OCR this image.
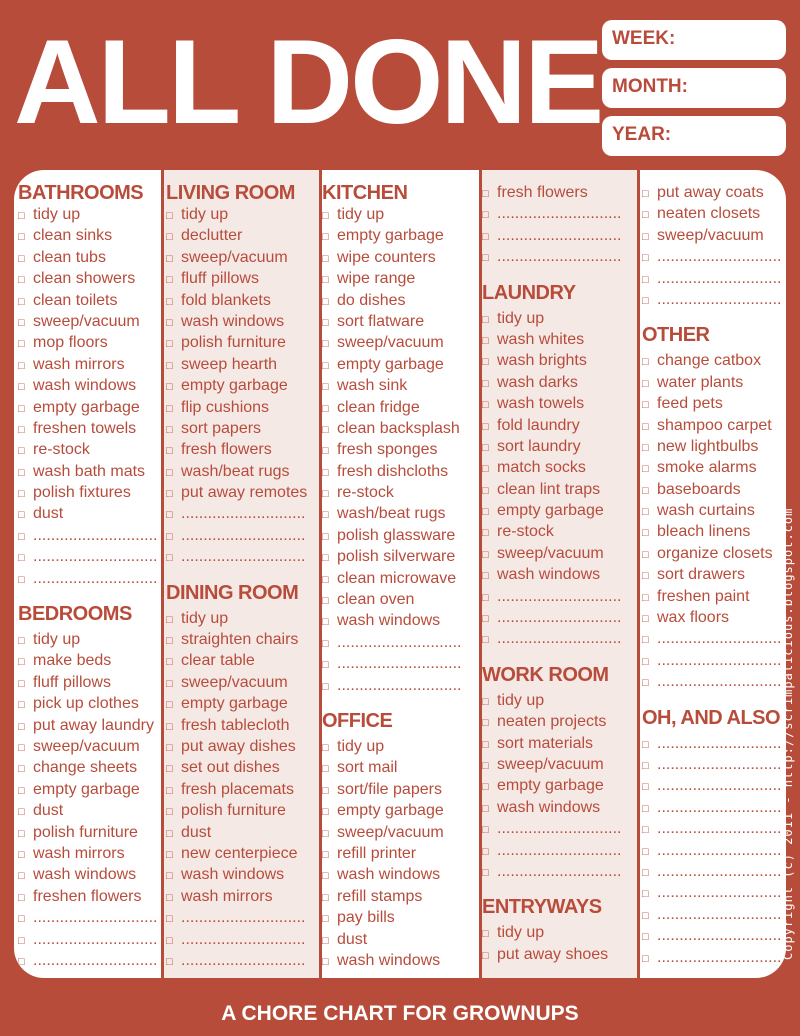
ALL DONE WEEK:
MONTH:
YEAR:
BATHROOMS
□ tidy up
□ clean sinks
□ clean tubs
□ clean showers
□ clean toilets
□ sweep/vacuum
□ mop floors
□ wash mirrors
□ wash windows
□ empty garbage
□ freshen towels
□ re-stock
□ wash bath mats
□ polish fixtures
□ dust
□ ............................
□ ............................
□ ............................
BEDROOMS
□ tidy up
□ make beds
□ fluff pillows
□ pick up clothes
□ put away laundry
□ sweep/vacuum
□ change sheets
□ empty garbage
□ dust
□ polish furniture
□ wash mirrors
□ wash windows
□ freshen flowers
□ ............................
□ ............................
□ ............................
LIVING ROOM
□ tidy up
□ declutter
□ sweep/vacuum
□ fluff pillows
□ fold blankets
□ wash windows
□ polish furniture
□ sweep hearth
□ empty garbage
□ flip cushions
□ sort papers
□ fresh flowers
□ wash/beat rugs
□ put away remotes
□ ............................
□ ............................
□ ............................
DINING ROOM
□ tidy up
□ straighten chairs
□ clear table
□ sweep/vacuum
□ empty garbage
□ fresh tablecloth
□ put away dishes
□ set out dishes
□ fresh placemats
□ polish furniture
□ dust
□ new centerpiece
□ wash windows
□ wash mirrors
□ ............................
□ ............................
□ ............................
KITCHEN
□ tidy up
□ empty garbage
□ wipe counters
□ wipe range
□ do dishes
□ sort flatware
□ sweep/vacuum
□ empty garbage
□ wash sink
□ clean fridge
□ clean backsplash
□ fresh sponges
□ fresh dishcloths
□ re-stock
□ wash/beat rugs
□ polish glassware
□ polish silverware
□ clean microwave
□ clean oven
□ wash windows
□ ............................
□ ............................
□ ............................
OFFICE
□ tidy up
□ sort mail
□ sort/file papers
□ empty garbage
□ sweep/vacuum
□ refill printer
□ wash windows
□ refill stamps
□ pay bills
□ dust
□ wash windows
□ fresh flowers
□ ............................
□ ............................
□ ............................
LAUNDRY
□ tidy up
□ wash whites
□ wash brights
□ wash darks
□ wash towels
□ fold laundry
□ sort laundry
□ match socks
□ clean lint traps
□ empty garbage
□ re-stock
□ sweep/vacuum
□ wash windows
□ ............................
□ ............................
□ ............................
WORK ROOM
□ tidy up
□ neaten projects
□ sort materials
□ sweep/vacuum
□ empty garbage
□ wash windows
□ ............................
□ ............................
□ ............................
ENTRYWAYS
□ tidy up
□ put away shoes
□ put away coats
□ neaten closets
□ sweep/vacuum
□ ............................
□ ............................
□ ............................
OTHER
□ change catbox
□ water plants
□ feed pets
□ shampoo carpet
□ new lightbulbs
□ smoke alarms
□ baseboards
□ wash curtains
□ bleach linens
□ organize closets
□ sort drawers
□ freshen paint
□ wax floors
□ ............................
□ ............................
□ ............................
OH, AND ALSO
□ ............................
□ ............................
□ ............................
□ ............................
□ ............................
□ ............................
□ ............................
□ ............................
□ ............................
□ ............................
□ ............................
A CHORE CHART FOR GROWNUPS
Copyright (c) 2011 - http://scrimpalicious.blogspot.com
